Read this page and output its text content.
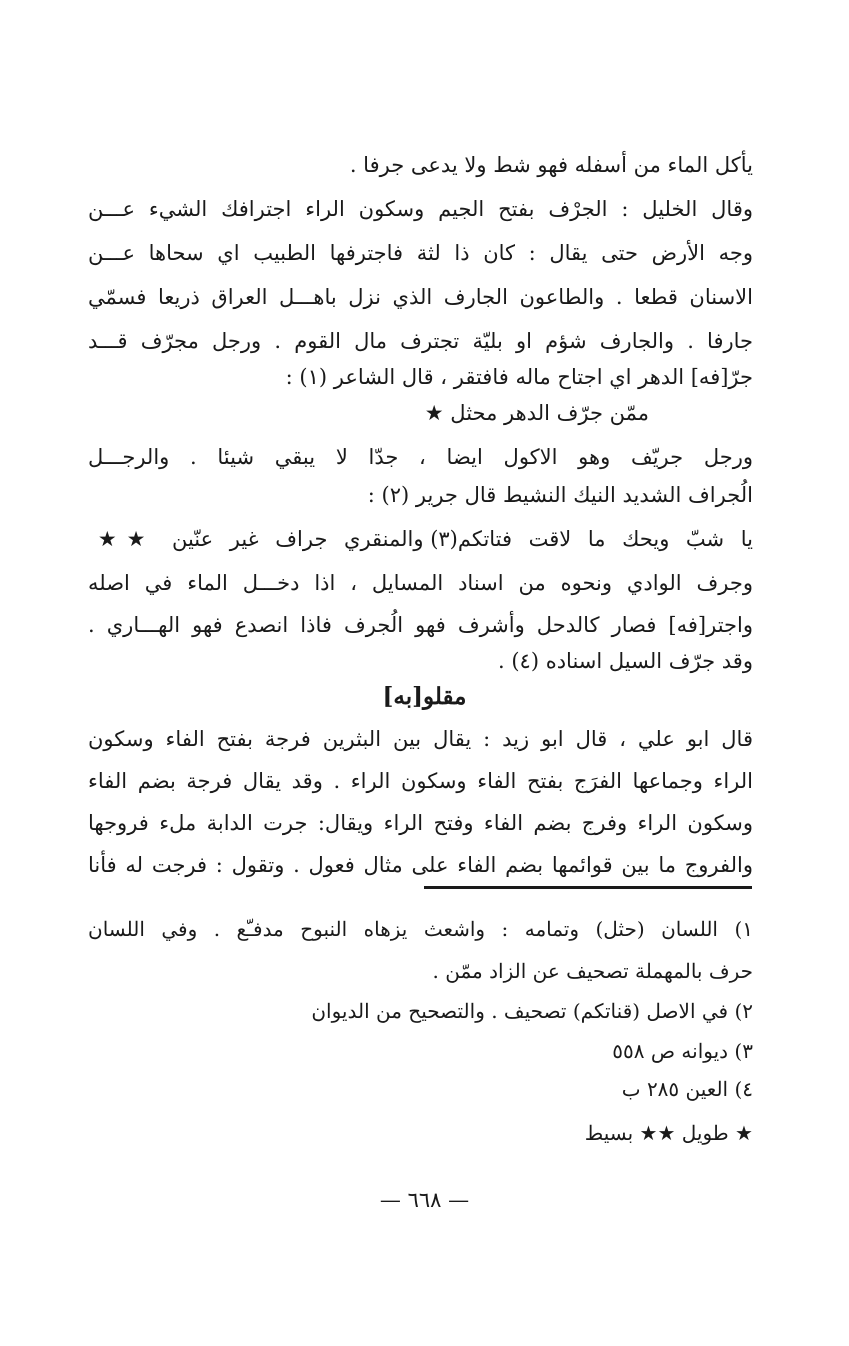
يأكل الماء من أسفله فهو شط ولا يدعى جرفا .
وقال الخليل : الجرْف بفتح الجيم وسكون الراء اجترافك الشيء عـــن
وجه الأرض حتى يقال : كان ذا لثة فاجترفها الطبيب اي سحاها عـــن
الاسنان قطعا . والطاعون الجارف الذي نزل باهـــل العراق ذريعا فسمّي
جارفا . والجارف شؤم او بليّة تجترف مال القوم . ورجل مجرّف قـــد
جرّ[فه] الدهر اي اجتاح ماله فافتقر ، قال الشاعر (١) :
ممّن جرّف الدهر محثل ★
ورجل جريّف وهو الاكول ايضا ، جدّا لا يبقي شيئا . والرجـــل
الُجراف الشديد النيك النشيط قال جرير (٢) :
يا شبّ ويحك ما لاقت فتاتكم(٣) والمنقري جراف غير عنّين ★★
وجرف الوادي ونحوه من اسناد المسايل ، اذا دخـــل الماء في اصله
واجتر[فه] فصار كالدحل وأشرف فهو الُجرف فاذا انصدع فهو الهـــاري .
وقد جرّف السيل اسناده (٤) .
مقلو[به]
قال ابو علي ، قال ابو زيد : يقال بين البثرين فرجة بفتح الفاء وسكون
الراء وجماعها الفرَج بفتح الفاء وسكون الراء . وقد يقال فرجة بضم الفاء
وسكون الراء وفرج بضم الفاء وفتح الراء ويقال: جرت الدابة ملء فروجها
والفروج ما بين قوائمها بضم الفاء على مثال فعول . وتقول : فرجت له فأنا
١) اللسان (حثل) وتمامه : واشعث يزهاه النبوح مدفـّع . وفي اللسان
حرف بالمهملة تصحيف عن الزاد ممّن .
٢) في الاصل (قناتكم) تصحيف . والتصحيح من الديوان
٣) ديوانه ص ٥٥٨
٤) العين ٢٨٥ ب
★ طويل ★★ بسيط
— ٦٦٨ —
